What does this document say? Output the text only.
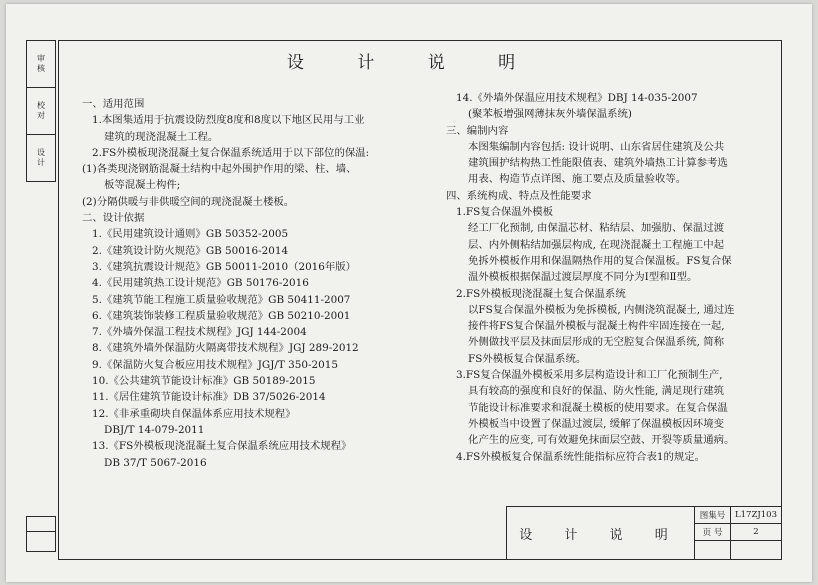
审核
校对
设计
设 计 说 明
一、适用范围
1.本图集适用于抗震设防烈度8度和8度以下地区民用与工业
建筑的现浇混凝土工程。
2.FS外模板现浇混凝土复合保温系统适用于以下部位的保温:
(1)各类现浇钢筋混凝土结构中起外围护作用的梁、柱、墙、
板等混凝土构件;
(2)分隔供暖与非供暖空间的现浇混凝土楼板。
二、设计依据
1.《民用建筑设计通则》GB 50352-2005
2.《建筑设计防火规范》GB 50016-2014
3.《建筑抗震设计规范》GB 50011-2010（2016年版）
4.《民用建筑热工设计规范》GB 50176-2016
5.《建筑节能工程施工质量验收规范》GB 50411-2007
6.《建筑装饰装修工程质量验收规范》GB 50210-2001
7.《外墙外保温工程技术规程》JGJ 144-2004
8.《建筑外墙外保温防火隔离带技术规程》JGJ 289-2012
9.《保温防火复合板应用技术规程》JGJ/T 350-2015
10.《公共建筑节能设计标准》GB 50189-2015
11.《居住建筑节能设计标准》DB 37/5026-2014
12.《非承重砌块自保温体系应用技术规程》
DBJ/T 14-079-2011
13.《FS外模板现浇混凝土复合保温系统应用技术规程》
DB 37/T 5067-2016
14.《外墙外保温应用技术规程》DBJ 14-035-2007
(聚苯板增强网薄抹灰外墙保温系统)
三、编制内容
本图集编制内容包括: 设计说明、山东省居住建筑及公共
建筑围护结构热工性能限值表、建筑外墙热工计算参考选
用表、构造节点详图、施工要点及质量验收等。
四、系统构成、特点及性能要求
1.FS复合保温外模板
经工厂化预制, 由保温芯材、粘结层、加强肋、保温过渡
层、内外侧粘结加强层构成, 在现浇混凝土工程施工中起
免拆外模板作用和保温隔热作用的复合保温板。FS复合保
温外模板根据保温过渡层厚度不同分为Ⅰ型和Ⅱ型。
2.FS外模板现浇混凝土复合保温系统
以FS复合保温外模板为免拆模板, 内侧浇筑混凝土, 通过连
接件将FS复合保温外模板与混凝土构件牢固连接在一起,
外侧做找平层及抹面层形成的无空腔复合保温系统, 简称
FS外模板复合保温系统。
3.FS复合保温外模板采用多层构造设计和工厂化预制生产,
具有较高的强度和良好的保温、防火性能, 满足现行建筑
节能设计标准要求和混凝土模板的使用要求。在复合保温
外模板当中设置了保温过渡层, 缓解了保温模板因环境变
化产生的应变, 可有效避免抹面层空鼓、开裂等质量通病。
4.FS外模板复合保温系统性能指标应符合表1的规定。
设 计 说 明
图集号	L17ZJ103
页 号	2
